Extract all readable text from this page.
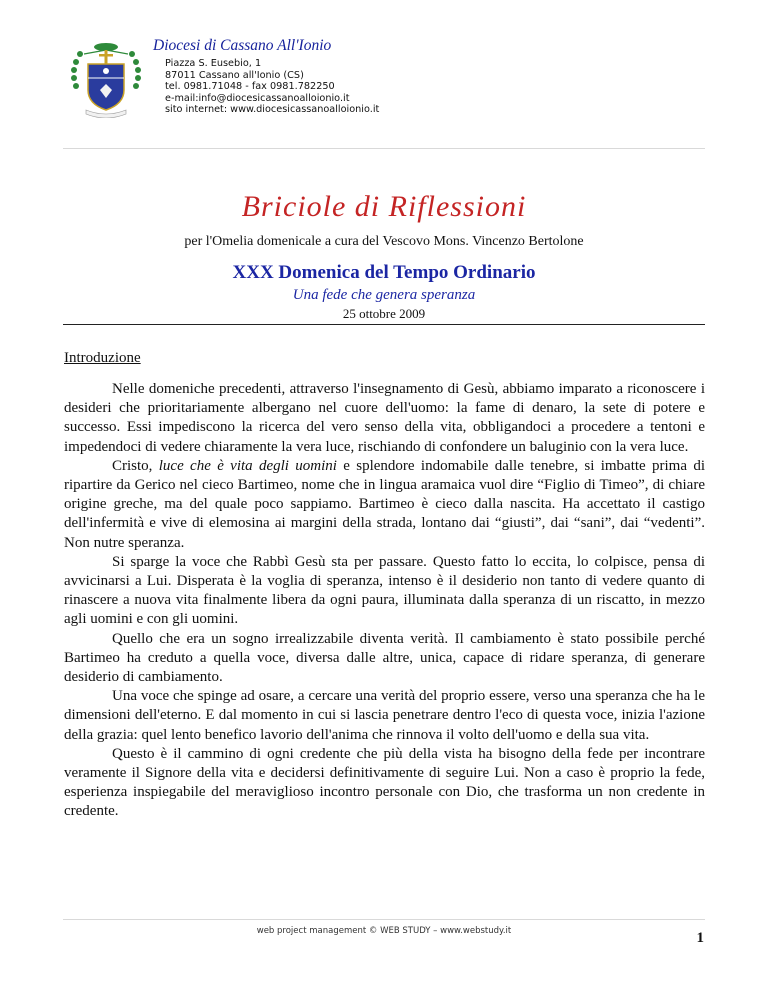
Diocesi di Cassano All'Ionio
Piazza S. Eusebio, 1
87011 Cassano all'Ionio (CS)
tel. 0981.71048 - fax 0981.782250
e-mail:info@diocesicassanoalloionio.it
sito internet: www.diocesicassanoalloionio.it
Briciole di Riflessioni
per l'Omelia domenicale a cura del Vescovo Mons. Vincenzo Bertolone
XXX Domenica del Tempo Ordinario
Una fede che genera speranza
25 ottobre 2009
Introduzione

Nelle domeniche precedenti, attraverso l'insegnamento di Gesù, abbiamo imparato a riconoscere i desideri che prioritariamente albergano nel cuore dell'uomo: la fame di denaro, la sete di potere e successo. Essi impediscono la ricerca del vero senso della vita, obbligandoci a procedere a tentoni e impedendoci di vedere chiaramente la vera luce, rischiando di confondere un baluginio con la vera luce.

Cristo, luce che è vita degli uomini e splendore indomabile dalle tenebre, si imbatte prima di ripartire da Gerico nel cieco Bartimeo, nome che in lingua aramaica vuol dire “Figlio di Timeo”, di chiare origine greche, ma del quale poco sappiamo. Bartimeo è cieco dalla nascita. Ha accettato il castigo dell'infermità e vive di elemosina ai margini della strada, lontano dai “giusti”, dai “sani”, dai “vedenti”. Non nutre speranza.

Si sparge la voce che Rabbì Gesù sta per passare. Questo fatto lo eccita, lo colpisce, pensa di avvicinarsi a Lui. Disperata è la voglia di speranza, intenso è il desiderio non tanto di vedere quanto di rinascere a nuova vita finalmente libera da ogni paura, illuminata dalla speranza di un riscatto, in mezzo agli uomini e con gli uomini.

Quello che era un sogno irrealizzabile diventa verità. Il cambiamento è stato possibile perché Bartimeo ha creduto a quella voce, diversa dalle altre, unica, capace di ridare speranza, di generare desiderio di cambiamento.

Una voce che spinge ad osare, a cercare una verità del proprio essere, verso una speranza che ha le dimensioni dell'eterno. E dal momento in cui si lascia penetrare dentro l'eco di questa voce, inizia l'azione della grazia: quel lento benefico lavorio dell'anima che rinnova il volto dell'uomo e della sua vita.

Questo è il cammino di ogni credente che più della vista ha bisogno della fede per incontrare veramente il Signore della vita e decidersi definitivamente di seguire Lui. Non a caso è proprio la fede, esperienza inspiegabile del meraviglioso incontro personale con Dio, che trasforma un non credente in credente.

web project management © WEB STUDY – www.webstudy.it	1
